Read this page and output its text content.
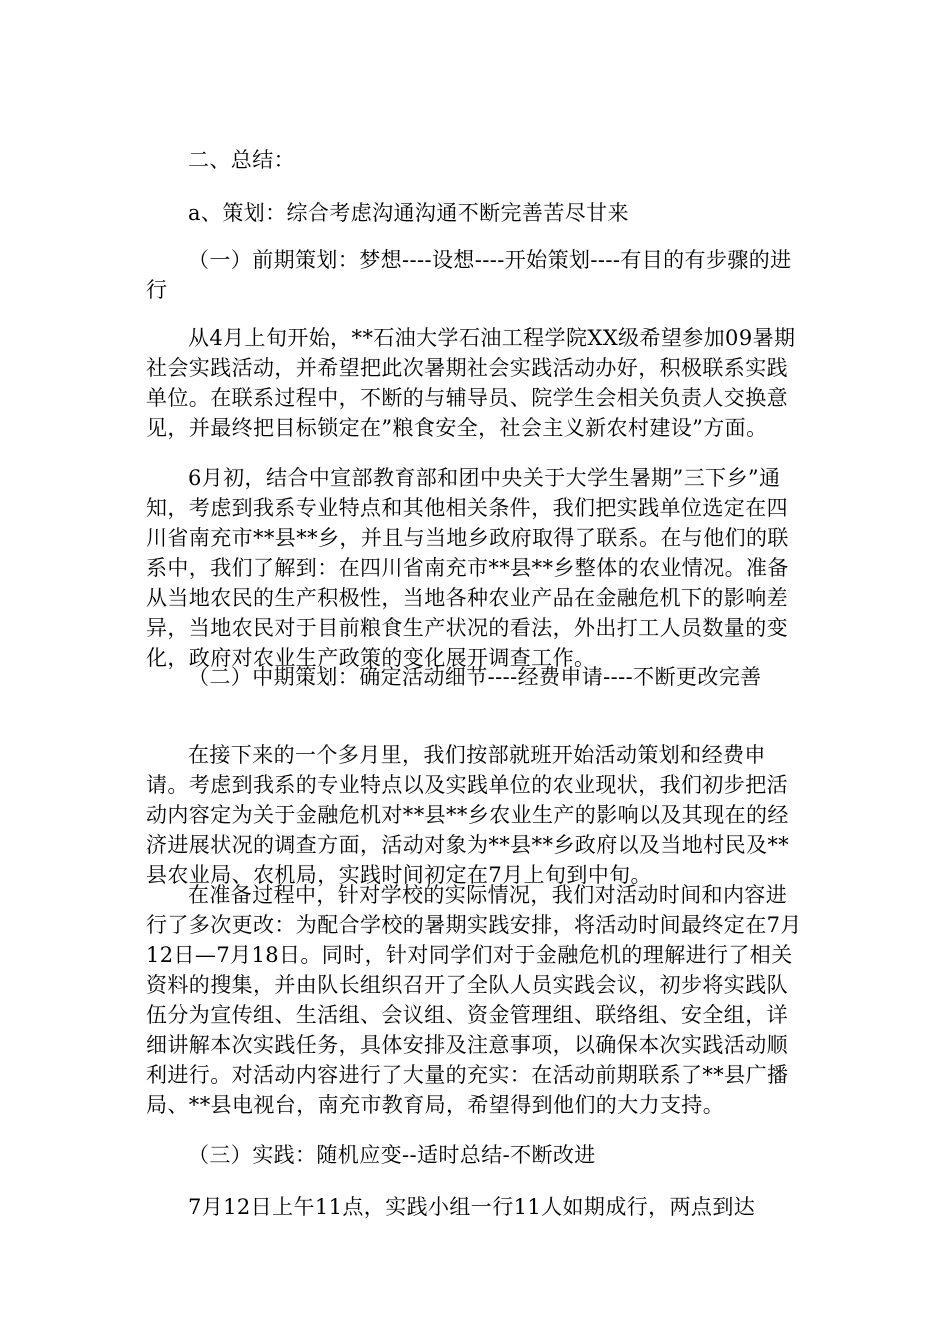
二、总结：

a、策划：综合考虑沟通沟通不断完善苦尽甘来

（一）前期策划：梦想----设想----开始策划----有目的有步骤的进行

从4月上旬开始，**石油大学石油工程学院XX级希望参加09暑期社会实践活动，并希望把此次暑期社会实践活动办好，积极联系实践单位。在联系过程中，不断的与辅导员、院学生会相关负责人交换意见，并最终把目标锁定在”粮食安全，社会主义新农村建设”方面。

6月初，结合中宣部教育部和团中央关于大学生暑期”三下乡”通知，考虑到我系专业特点和其他相关条件，我们把实践单位选定在四川省南充市**县**乡，并且与当地乡政府取得了联系。在与他们的联系中，我们了解到：在四川省南充市**县**乡整体的农业情况。准备从当地农民的生产积极性，当地各种农业产品在金融危机下的影响差异，当地农民对于目前粮食生产状况的看法，外出打工人员数量的变化，政府对农业生产政策的变化展开调查工作。

（二）中期策划：确定活动细节----经费申请----不断更改完善

在接下来的一个多月里，我们按部就班开始活动策划和经费申请。考虑到我系的专业特点以及实践单位的农业现状，我们初步把活动内容定为关于金融危机对**县**乡农业生产的影响以及其现在的经济进展状况的调查方面，活动对象为**县**乡政府以及当地村民及**县农业局、农机局，实践时间初定在7月上旬到中旬。

在准备过程中，针对学校的实际情况，我们对活动时间和内容进行了多次更改：为配合学校的暑期实践安排，将活动时间最终定在7月12日—7月18日。同时，针对同学们对于金融危机的理解进行了相关资料的搜集，并由队长组织召开了全队人员实践会议，初步将实践队伍分为宣传组、生活组、会议组、资金管理组、联络组、安全组，详细讲解本次实践任务，具体安排及注意事项，以确保本次实践活动顺利进行。对活动内容进行了大量的充实：在活动前期联系了**县广播局、**县电视台，南充市教育局，希望得到他们的大力支持。

（三）实践：随机应变--适时总结-不断改进

7月12日上午11点，实践小组一行11人如期成行，两点到达
